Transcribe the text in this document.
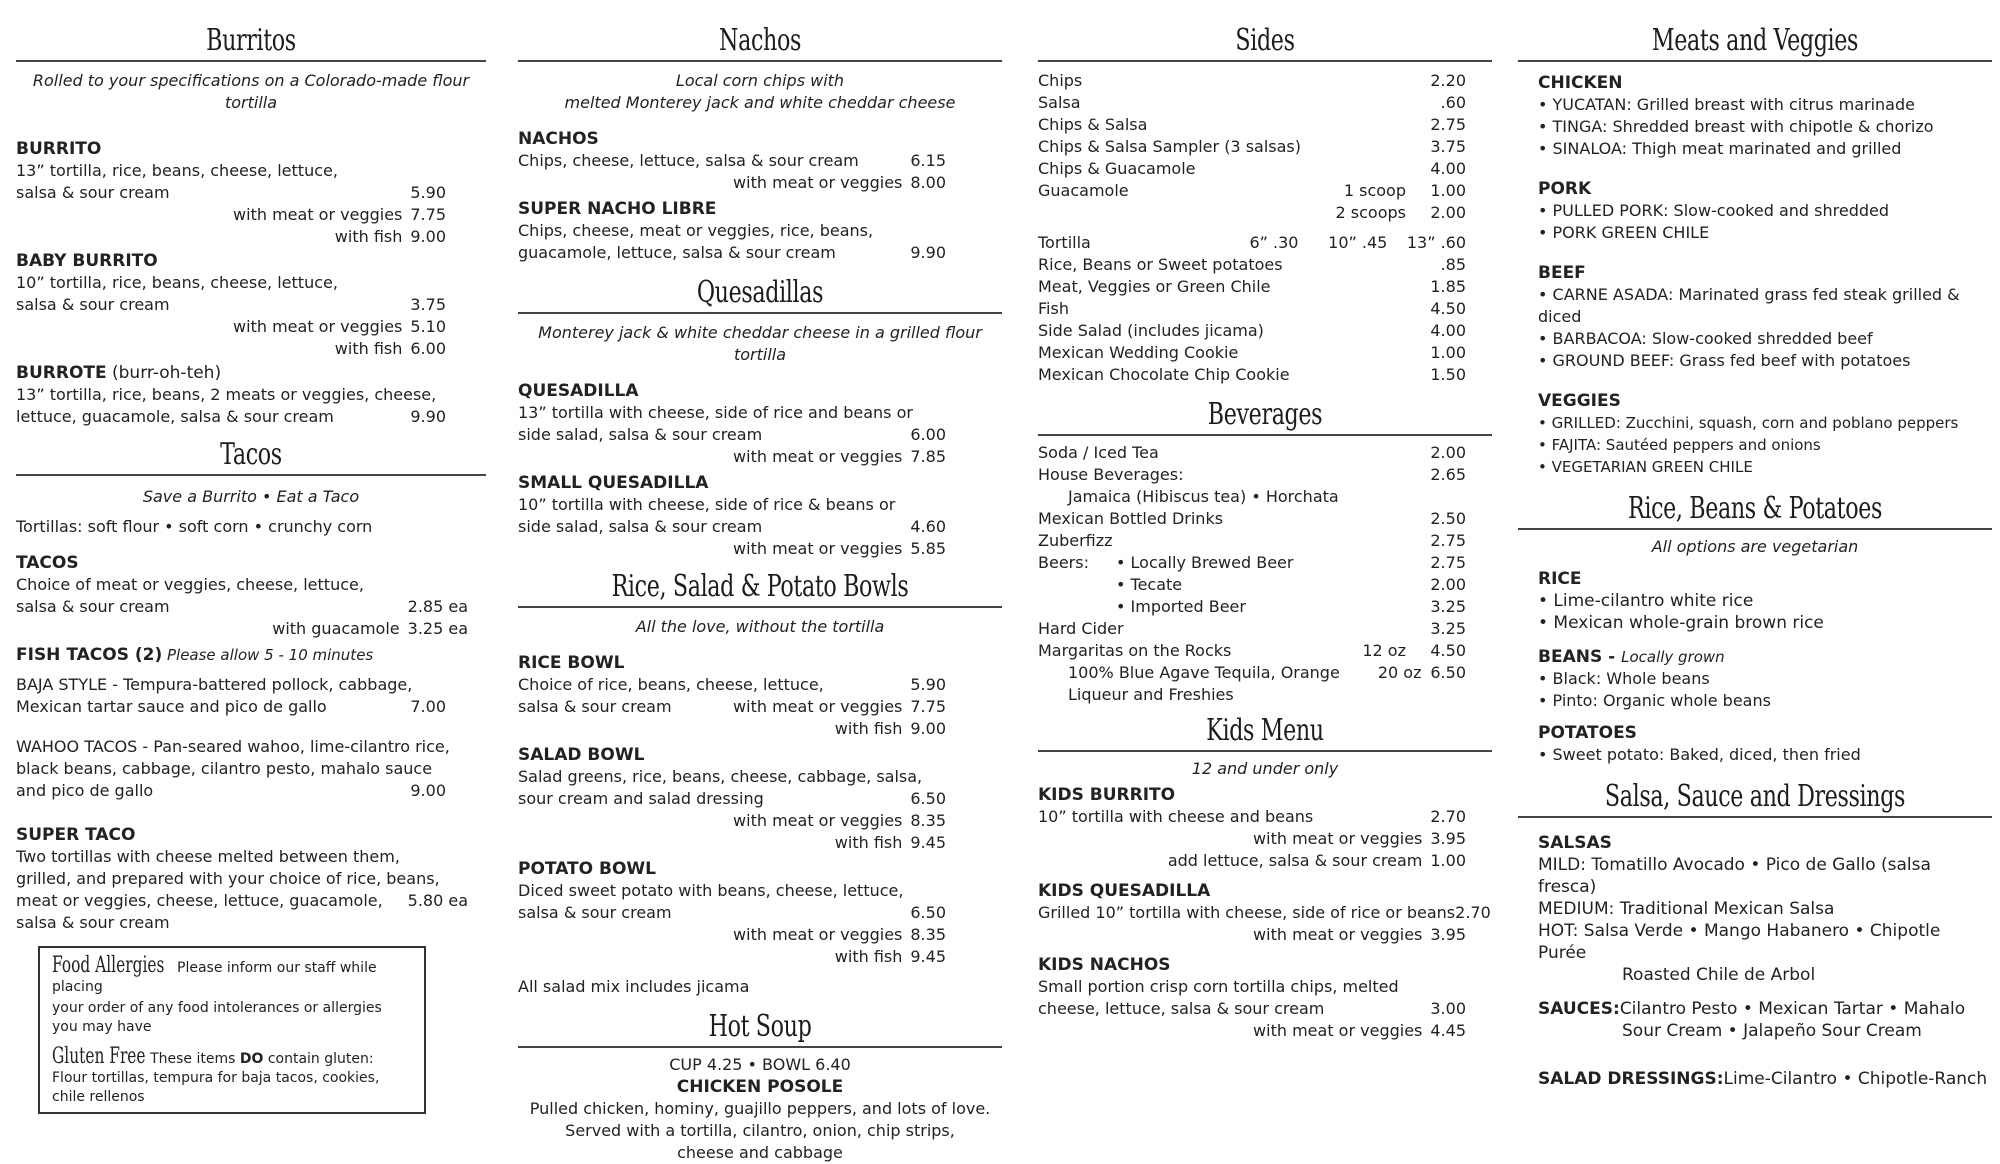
Burritos
Rolled to your specifications on a Colorado-made flour tortilla
BURRITO
13” tortilla, rice, beans, cheese, lettuce,
salsa & sour cream	5.90
with meat or veggies 7.75
with fish 9.00
BABY BURRITO
10” tortilla, rice, beans, cheese, lettuce,
salsa & sour cream	3.75
with meat or veggies 5.10
with fish 6.00
BURROTE (burr-oh-teh)
13” tortilla, rice, beans, 2 meats or veggies, cheese,
lettuce, guacamole, salsa & sour cream	9.90
Tacos
Save a Burrito • Eat a Taco
Tortillas: soft flour • soft corn • crunchy corn
TACOS
Choice of meat or veggies, cheese, lettuce,
salsa & sour cream	2.85 ea
with guacamole 3.25 ea
FISH TACOS (2) Please allow 5 - 10 minutes
BAJA STYLE - Tempura-battered pollock, cabbage,
Mexican tartar sauce and pico de gallo	7.00
WAHOO TACOS - Pan-seared wahoo, lime-cilantro rice,
black beans, cabbage, cilantro pesto, mahalo sauce
and pico de gallo	9.00
SUPER TACO
Two tortillas with cheese melted between them,
grilled, and prepared with your choice of rice, beans,
meat or veggies, cheese, lettuce, guacamole, 5.80 ea
salsa & sour cream
Food Allergies Please inform our staff while placing
your order of any food intolerances or allergies
you may have
Gluten Free These items DO contain gluten:
Flour tortillas, tempura for baja tacos, cookies,
chile rellenos
Nachos
Local corn chips with
melted Monterey jack and white cheddar cheese
NACHOS
Chips, cheese, lettuce, salsa & sour cream	6.15
with meat or veggies 8.00
SUPER NACHO LIBRE
Chips, cheese, meat or veggies, rice, beans,
guacamole, lettuce, salsa & sour cream	9.90
Quesadillas
Monterey jack & white cheddar cheese in a grilled flour tortilla
QUESADILLA
13” tortilla with cheese, side of rice and beans or
side salad, salsa & sour cream	6.00
with meat or veggies 7.85
SMALL QUESADILLA
10” tortilla with cheese, side of rice & beans or
side salad, salsa & sour cream	4.60
with meat or veggies 5.85
Rice, Salad & Potato Bowls
All the love, without the tortilla
RICE BOWL
Choice of rice, beans, cheese, lettuce,	5.90
salsa & sour cream	with meat or veggies 7.75
with fish 9.00
SALAD BOWL
Salad greens, rice, beans, cheese, cabbage, salsa,
sour cream and salad dressing	6.50
with meat or veggies 8.35
with fish 9.45
POTATO BOWL
Diced sweet potato with beans, cheese, lettuce,
salsa & sour cream	6.50
with meat or veggies 8.35
with fish 9.45
All salad mix includes jicama
Hot Soup
CUP 4.25 • BOWL 6.40
CHICKEN POSOLE
Pulled chicken, hominy, guajillo peppers, and lots of love.
Served with a tortilla, cilantro, onion, chip strips,
cheese and cabbage
Sides
Chips	2.20
Salsa	.60
Chips & Salsa	2.75
Chips & Salsa Sampler (3 salsas)	3.75
Chips & Guacamole	4.00
Guacamole	1 scoop	1.00
2 scoops	2.00
Tortilla	6” .30	10” .45	13” .60
Rice, Beans or Sweet potatoes	.85
Meat, Veggies or Green Chile	1.85
Fish	4.50
Side Salad (includes jicama)	4.00
Mexican Wedding Cookie	1.00
Mexican Chocolate Chip Cookie	1.50
Beverages
Soda / Iced Tea	2.00
House Beverages:	2.65
Jamaica (Hibiscus tea) • Horchata
Mexican Bottled Drinks	2.50
Zuberfizz	2.75
Beers:	• Locally Brewed Beer	2.75
• Tecate	2.00
• Imported Beer	3.25
Hard Cider	3.25
Margaritas on the Rocks	12 oz	4.50
100% Blue Agave Tequila, Orange	20 oz 6.50
Liqueur and Freshies
Kids Menu
12 and under only
KIDS BURRITO
10” tortilla with cheese and beans	2.70
with meat or veggies 3.95
add lettuce, salsa & sour cream 1.00
KIDS QUESADILLA
Grilled 10” tortilla with cheese, side of rice or beans 2.70
with meat or veggies 3.95
KIDS NACHOS
Small portion crisp corn tortilla chips, melted
cheese, lettuce, salsa & sour cream	3.00
with meat or veggies 4.45
Meats and Veggies
CHICKEN
• YUCATAN: Grilled breast with citrus marinade
• TINGA: Shredded breast with chipotle & chorizo
• SINALOA: Thigh meat marinated and grilled
PORK
• PULLED PORK: Slow-cooked and shredded
• PORK GREEN CHILE
BEEF
• CARNE ASADA: Marinated grass fed steak grilled & diced
• BARBACOA: Slow-cooked shredded beef
• GROUND BEEF: Grass fed beef with potatoes
VEGGIES
• GRILLED: Zucchini, squash, corn and poblano peppers
• FAJITA: Sautéed peppers and onions
• VEGETARIAN GREEN CHILE
Rice, Beans & Potatoes
All options are vegetarian
RICE
• Lime-cilantro white rice
• Mexican whole-grain brown rice
BEANS - Locally grown
• Black: Whole beans
• Pinto: Organic whole beans
POTATOES
• Sweet potato: Baked, diced, then fried
Salsa, Sauce and Dressings
SALSAS
MILD: Tomatillo Avocado • Pico de Gallo (salsa fresca)
MEDIUM: Traditional Mexican Salsa
HOT: Salsa Verde • Mango Habanero • Chipotle Purée
Roasted Chile de Arbol
SAUCES: Cilantro Pesto • Mexican Tartar • Mahalo
Sour Cream • Jalapeño Sour Cream
SALAD DRESSINGS: Lime-Cilantro • Chipotle-Ranch
